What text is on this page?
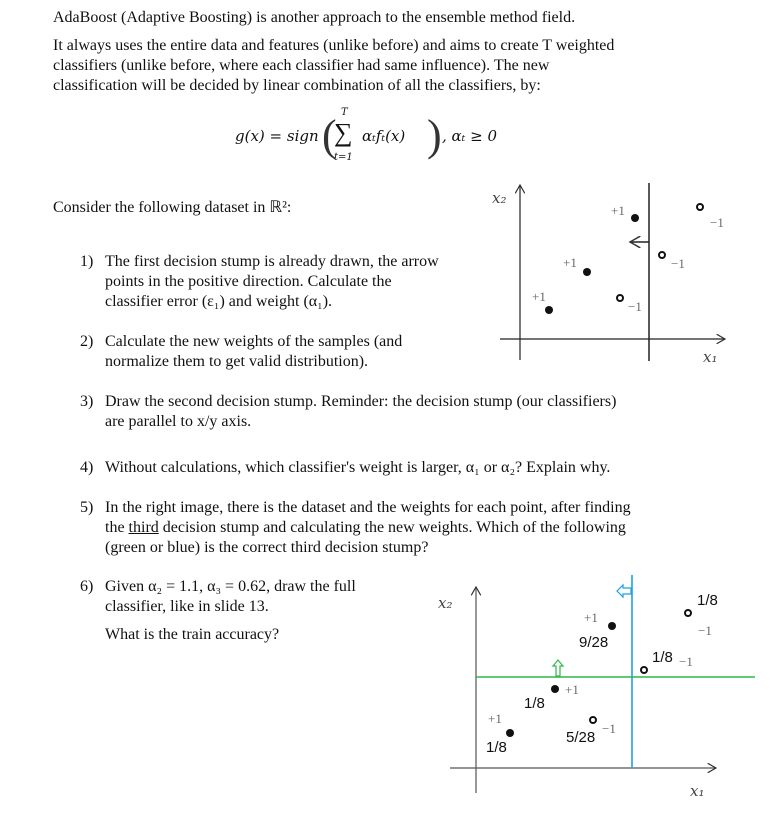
AdaBoost (Adaptive Boosting) is another approach to the ensemble method field.
It always uses the entire data and features (unlike before) and aims to create T weighted
classifiers (unlike before, where each classifier had same influence). The new
classification will be decided by linear combination of all the classifiers, by:
g(x) = sign ( T
∑
t=1
αₜfₜ(x) ) , αₜ ≥ 0
Consider the following dataset in ℝ²:
1) The first decision stump is already drawn, the arrow
points in the positive direction. Calculate the
classifier error (ε₁) and weight (α₁).
2) Calculate the new weights of the samples (and
normalize them to get valid distribution).
3) Draw the second decision stump. Reminder: the decision stump (our classifiers)
are parallel to x/y axis.
4) Without calculations, which classifier's weight is larger, α₁ or α₂? Explain why.
5) In the right image, there is the dataset and the weights for each point, after finding
the third decision stump and calculating the new weights. Which of the following
(green or blue) is the correct third decision stump?
6) Given α₂ = 1.1, α₃ = 0.62, draw the full
classifier, like in slide 13.
What is the train accuracy?
x₂
x₁
+1
+1
+1
−1
−1
−1
x₂
x₁
+1
+1
+1
−1
−1
−1
9/28
1/8
1/8
1/8
1/8
5/28
